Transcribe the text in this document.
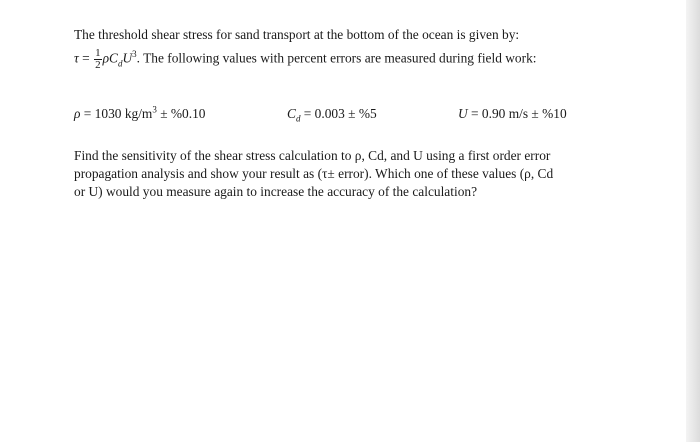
The threshold shear stress for sand transport at the bottom of the ocean is given by:
$\tau = \frac{1}{2} \rho C_dU^3$. The following values with percent errors are measured during field work:
ρ = 1030 $kg/m^3 \pm \%0.10$	$C_d = 0.003 \pm \%5$	U = 0.90 m/s ± %10
Find the sensitivity of the shear stress calculation to ρ, Cd, and U using a first order error
propagation analysis and show your result as (τ± error). Which one of these values (ρ, Cd
or U) would you measure again to increase the accuracy of the calculation?
